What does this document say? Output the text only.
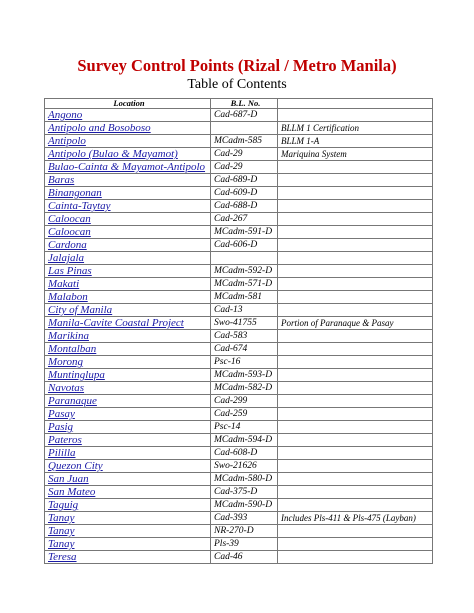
Survey Control Points (Rizal / Metro Manila)
Table of Contents
Location	B.L. No.	
Angono	Cad-687-D	
Antipolo and Bosoboso		BLLM 1 Certification
Antipolo	MCadm-585	BLLM 1-A
Antipolo (Bulao & Mayamot)	Cad-29	Mariquina System
Bulao-Cainta & Mayamot-Antipolo	Cad-29	
Baras	Cad-689-D	
Binangonan	Cad-609-D	
Cainta-Taytay	Cad-688-D	
Caloocan	Cad-267	
Caloocan	MCadm-591-D	
Cardona	Cad-606-D	
Jalajala		
Las Pinas	MCadm-592-D	
Makati	MCadm-571-D	
Malabon	MCadm-581	
City of Manila	Cad-13	
Manila-Cavite Coastal Project	Swo-41755	Portion of Paranaque & Pasay
Marikina	Cad-583	
Montalban	Cad-674	
Morong	Psc-16	
Muntinglupa	MCadm-593-D	
Navotas	MCadm-582-D	
Paranaque	Cad-299	
Pasay	Cad-259	
Pasig	Psc-14	
Pateros	MCadm-594-D	
Pililla	Cad-608-D	
Quezon City	Swo-21626	
San Juan	MCadm-580-D	
San Mateo	Cad-375-D	
Taguig	MCadm-590-D	
Tanay	Cad-393	Includes Pls-411 & Pls-475 (Layban)
Tanay	NR-270-D	
Tanay	Pls-39	
Teresa	Cad-46	
